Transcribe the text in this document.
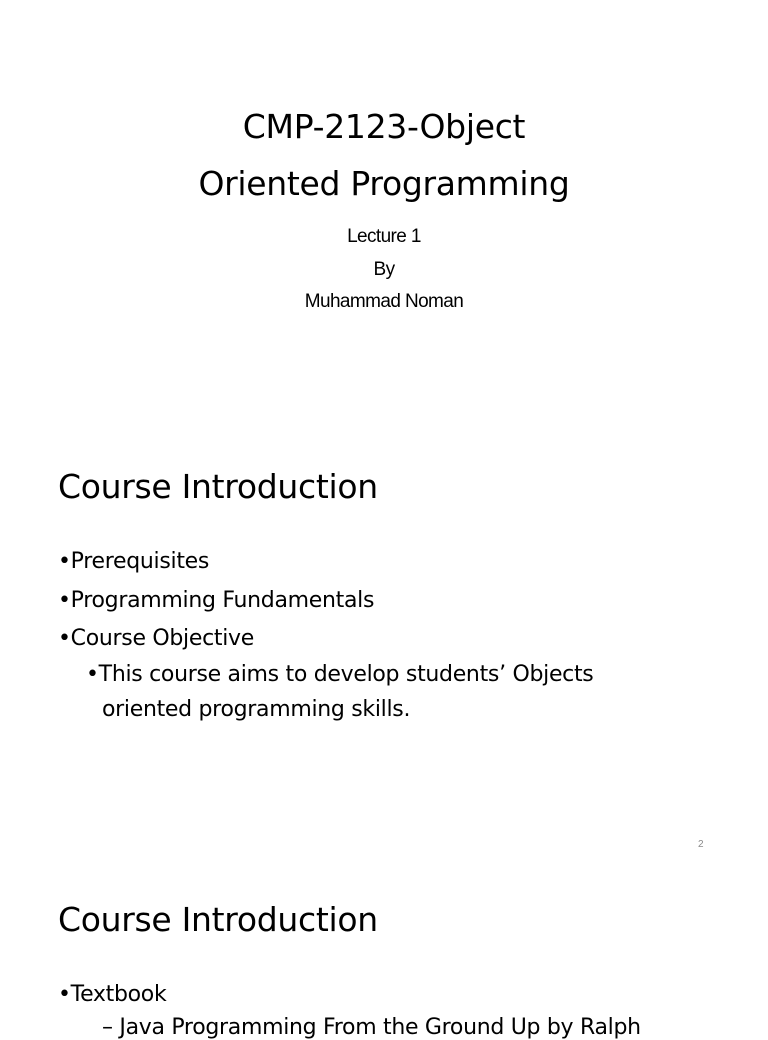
CMP-2123-Object
Oriented Programming
Lecture 1
By
Muhammad Noman
Course Introduction
•Prerequisites
•Programming Fundamentals
•Course Objective
•This course aims to develop students’ Objects
oriented programming skills.
2
Course Introduction
•Textbook
– Java Programming From the Ground Up by Ralph
